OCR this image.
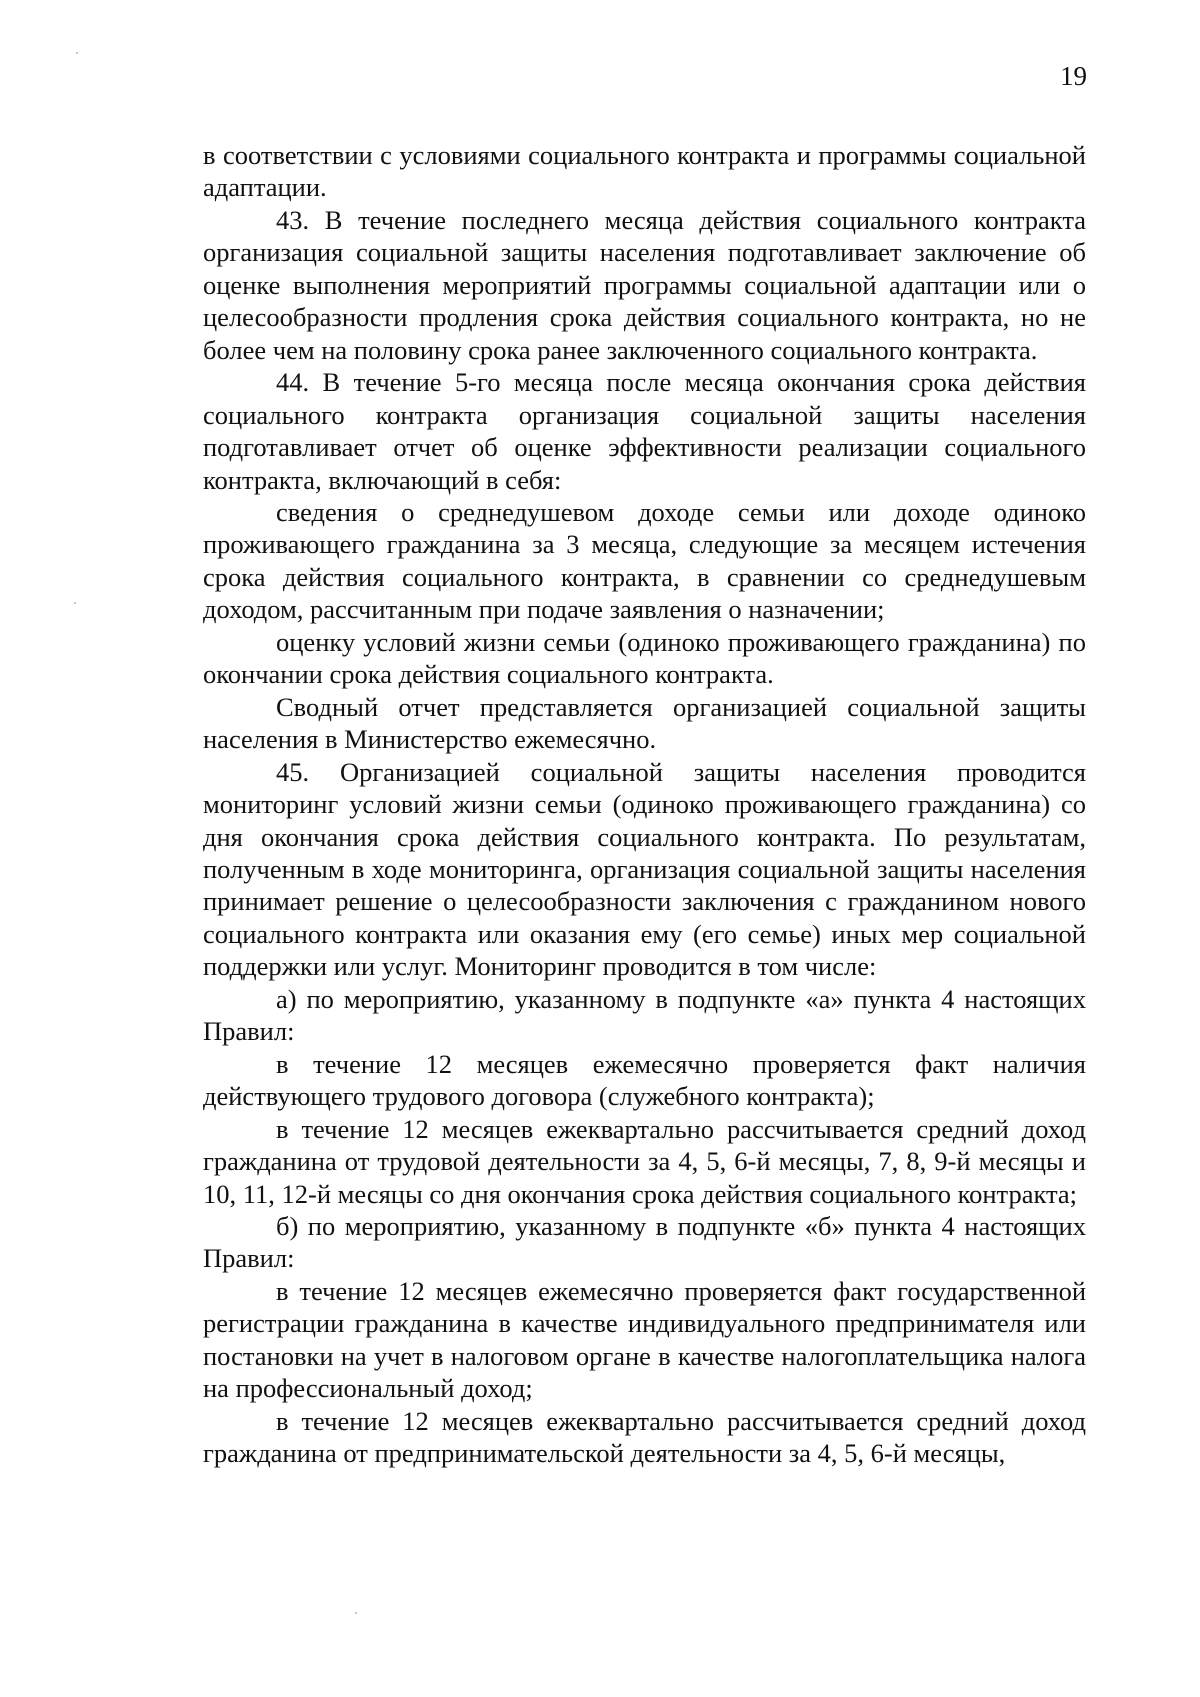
19

в соответствии с условиями социального контракта и программы социальной адаптации.

43. В течение последнего месяца действия социального контракта организация социальной защиты населения подготавливает заключение об оценке выполнения мероприятий программы социальной адаптации или о целесообразности продления срока действия социального контракта, но не более чем на половину срока ранее заключенного социального контракта.

44. В течение 5-го месяца после месяца окончания срока действия социального контракта организация социальной защиты населения подготавливает отчет об оценке эффективности реализации социального контракта, включающий в себя:

сведения о среднедушевом доходе семьи или доходе одиноко проживающего гражданина за 3 месяца, следующие за месяцем истечения срока действия социального контракта, в сравнении со среднедушевым доходом, рассчитанным при подаче заявления о назначении;

оценку условий жизни семьи (одиноко проживающего гражданина) по окончании срока действия социального контракта.

Сводный отчет представляется организацией социальной защиты населения в Министерство ежемесячно.

45. Организацией социальной защиты населения проводится мониторинг условий жизни семьи (одиноко проживающего гражданина) со дня окончания срока действия социального контракта. По результатам, полученным в ходе мониторинга, организация социальной защиты населения принимает решение о целесообразности заключения с гражданином нового социального контракта или оказания ему (его семье) иных мер социальной поддержки или услуг. Мониторинг проводится в том числе:

а) по мероприятию, указанному в подпункте «а» пункта 4 настоящих Правил:

в течение 12 месяцев ежемесячно проверяется факт наличия действующего трудового договора (служебного контракта);

в течение 12 месяцев ежеквартально рассчитывается средний доход гражданина от трудовой деятельности за 4, 5, 6-й месяцы, 7, 8, 9-й месяцы и 10, 11, 12-й месяцы со дня окончания срока действия социального контракта;

б) по мероприятию, указанному в подпункте «б» пункта 4 настоящих Правил:

в течение 12 месяцев ежемесячно проверяется факт государственной регистрации гражданина в качестве индивидуального предпринимателя или постановки на учет в налоговом органе в качестве налогоплательщика налога на профессиональный доход;

в течение 12 месяцев ежеквартально рассчитывается средний доход гражданина от предпринимательской деятельности за 4, 5, 6-й месяцы,
